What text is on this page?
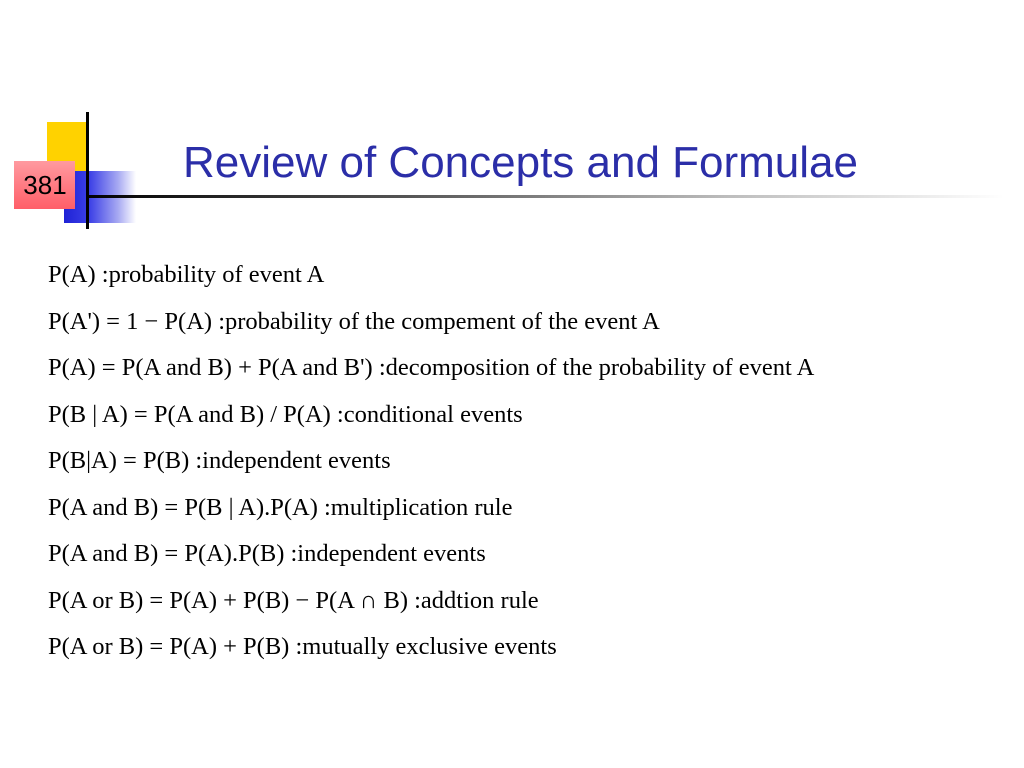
381	Review of Concepts and Formulae
P(A) :probability of event A
P(A') = 1 − P(A) :probability of the compement of the event A
P(A) = P(A and B) + P(A and B') :decomposition of the probability of event A
P(B | A) = P(A and B) / P(A) :conditional events
P(B|A) = P(B) :independent events
P(A and B) = P(B | A).P(A) :multiplication rule
P(A and B) = P(A).P(B) :independent events
P(A or B) = P(A) + P(B) − P(A ∩ B) :addtion rule
P(A or B) = P(A) + P(B) :mutually exclusive events
